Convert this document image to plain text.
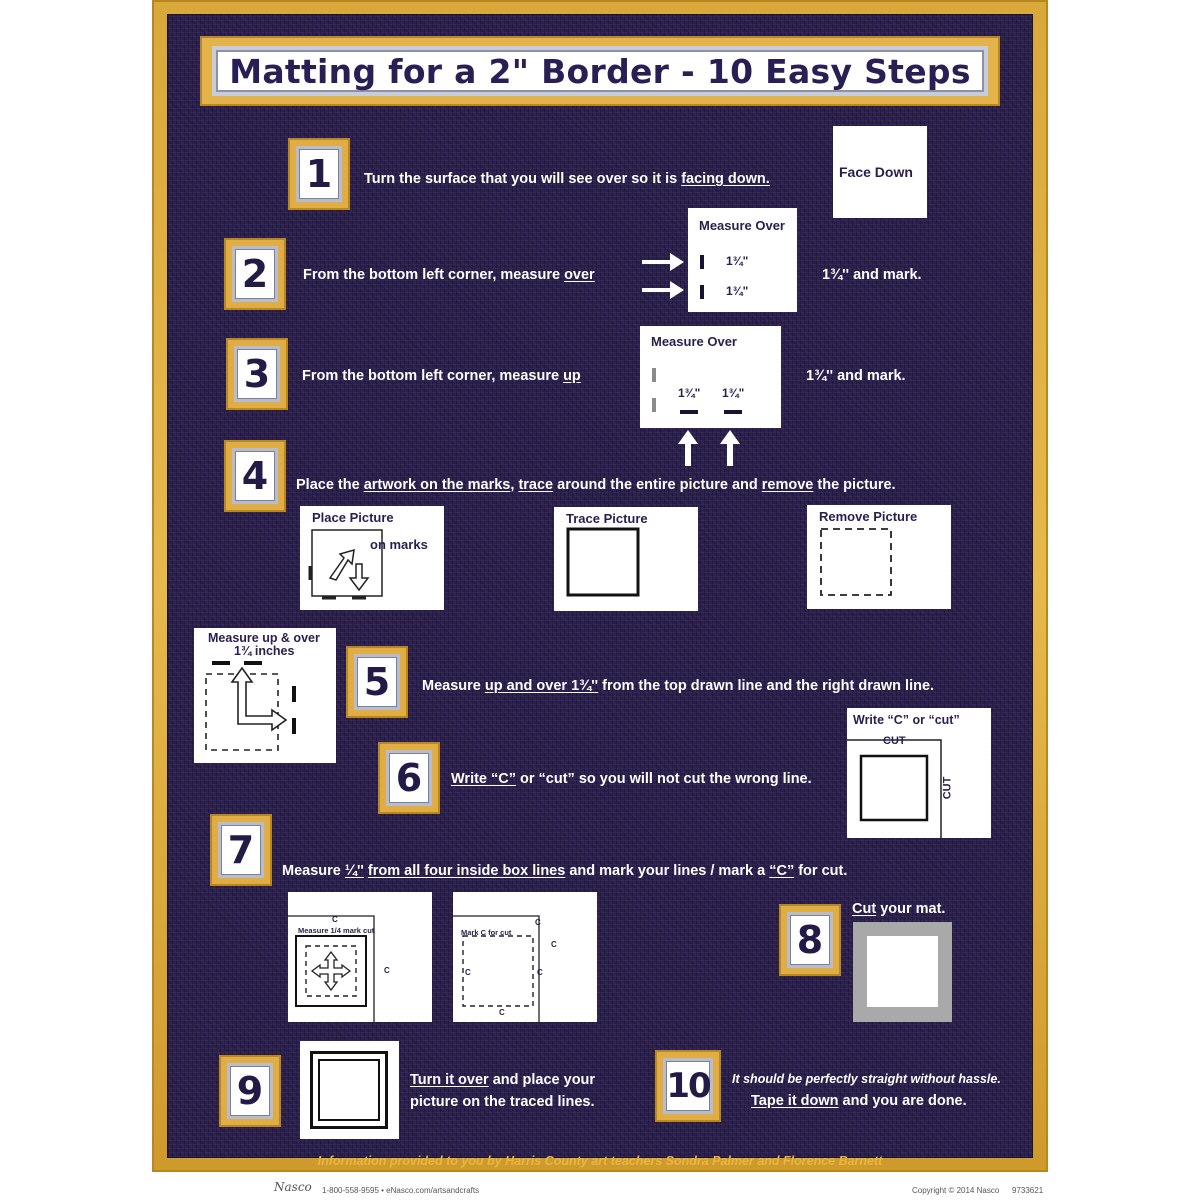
Matting for a 2" Border - 10 Easy Steps
1	Turn the surface that you will see over so it is facing down.	Face Down
2	From the bottom left corner, measure over
Measure Over
1¾"
1¾"
1¾'' and mark.
3	From the bottom left corner, measure up
Measure Over
1¾" 1¾"
1¾'' and mark.
4	Place the artwork on the marks, trace around the entire picture and remove the picture.
Place Picture
on marks
Trace Picture	Remove Picture
Measure up & over
1¾ inches
5	Measure up and over 1¾'' from the top drawn line and the right drawn line.
6	Write “C” or “cut” so you will not cut the wrong line.
Write “C” or “cut”
CUT
CUT
7	Measure ¼'' from all four inside box lines and mark your lines / mark a “C” for cut.
Measure 1/4 mark cut
C
C
Mark C for cut
C
C
C	C
C
8
Cut your mat.
9	Turn it over and place your
picture on the traced lines. 10 It should be perfectly straight without hassle.
Tape it down and you are done.
Information provided to you by Harris County art teachers Sondra Palmer and Florence Barnett
Nasco 1-800-558-9595 • eNasco.com/artsandcrafts	Copyright © 2014 Nasco 9733621
